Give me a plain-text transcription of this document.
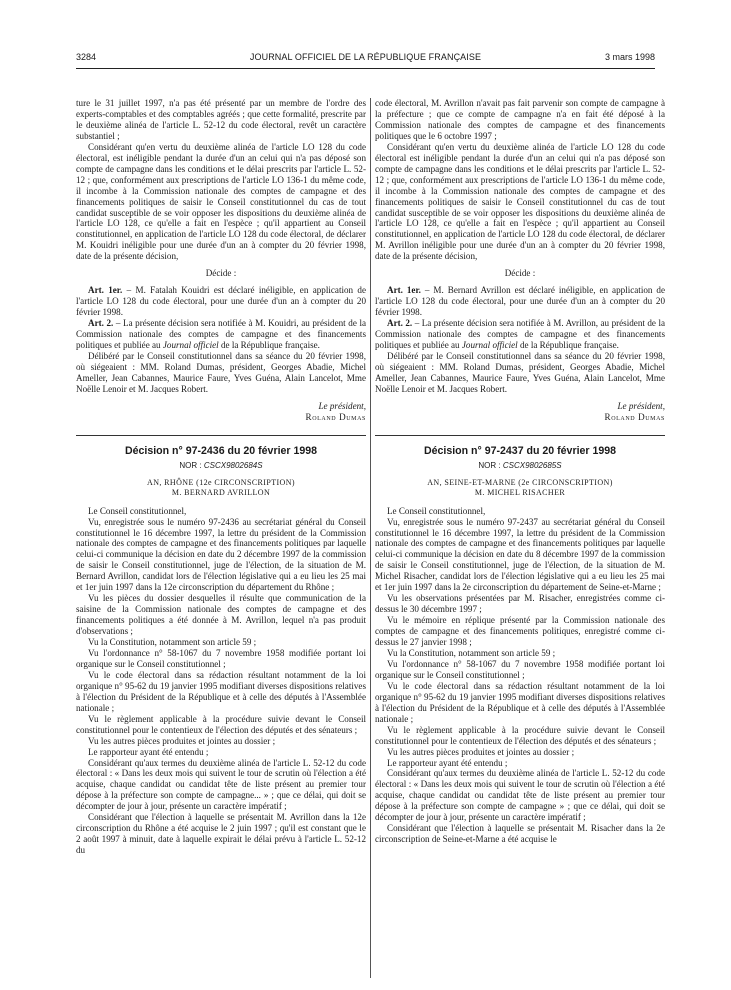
3284	JOURNAL OFFICIEL DE LA RÉPUBLIQUE FRANÇAISE	3 mars 1998

ture le 31 juillet 1997, n'a pas été présenté par un membre de l'ordre des experts-comptables et des comptables agréés ; que cette formalité, prescrite par le deuxième alinéa de l'article L. 52-12 du code électoral, revêt un caractère substantiel ;

Considérant qu'en vertu du deuxième alinéa de l'article LO 128 du code électoral, est inéligible pendant la durée d'un an celui qui n'a pas déposé son compte de campagne dans les conditions et le délai prescrits par l'article L. 52-12 ; que, conformément aux prescriptions de l'article LO 136-1 du même code, il incombe à la Commission nationale des comptes de campagne et des financements politiques de saisir le Conseil constitutionnel du cas de tout candidat susceptible de se voir opposer les dispositions du deuxième alinéa de l'article LO 128, ce qu'elle a fait en l'espèce ; qu'il appartient au Conseil constitutionnel, en application de l'article LO 128 du code électoral, de déclarer M. Kouidri inéligible pour une durée d'un an à compter du 20 février 1998, date de la présente décision,

Décide :

Art. 1er. – M. Fatalah Kouidri est déclaré inéligible, en application de l'article LO 128 du code électoral, pour une durée d'un an à compter du 20 février 1998.

Art. 2. – La présente décision sera notifiée à M. Kouidri, au président de la Commission nationale des comptes de campagne et des financements politiques et publiée au Journal officiel de la République française.

Délibéré par le Conseil constitutionnel dans sa séance du 20 février 1998, où siégeaient : MM. Roland Dumas, président, Georges Abadie, Michel Ameller, Jean Cabannes, Maurice Faure, Yves Guéna, Alain Lancelot, Mme Noëlle Lenoir et M. Jacques Robert.

Le président,

Roland Dumas

Décision n° 97-2436 du 20 février 1998
NOR : CSCX9802684S
AN, RHÔNE (12e CIRCONSCRIPTION)
M. BERNARD AVRILLON

Le Conseil constitutionnel,

Vu, enregistrée sous le numéro 97-2436 au secrétariat général du Conseil constitutionnel le 16 décembre 1997, la lettre du président de la Commission nationale des comptes de campagne et des financements politiques par laquelle celui-ci communique la décision en date du 2 décembre 1997 de la commission de saisir le Conseil constitutionnel, juge de l'élection, de la situation de M. Bernard Avrillon, candidat lors de l'élection législative qui a eu lieu les 25 mai et 1er juin 1997 dans la 12e circonscription du département du Rhône ;

Vu les pièces du dossier desquelles il résulte que communication de la saisine de la Commission nationale des comptes de campagne et des financements politiques a été donnée à M. Avrillon, lequel n'a pas produit d'observations ;

Vu la Constitution, notamment son article 59 ;

Vu l'ordonnance n° 58-1067 du 7 novembre 1958 modifiée portant loi organique sur le Conseil constitutionnel ;

Vu le code électoral dans sa rédaction résultant notamment de la loi organique n° 95-62 du 19 janvier 1995 modifiant diverses dispositions relatives à l'élection du Président de la République et à celle des députés à l'Assemblée nationale ;

Vu le règlement applicable à la procédure suivie devant le Conseil constitutionnel pour le contentieux de l'élection des députés et des sénateurs ;

Vu les autres pièces produites et jointes au dossier ;

Le rapporteur ayant été entendu ;

Considérant qu'aux termes du deuxième alinéa de l'article L. 52-12 du code électoral : « Dans les deux mois qui suivent le tour de scrutin où l'élection a été acquise, chaque candidat ou candidat tête de liste présent au premier tour dépose à la préfecture son compte de campagne... » ; que ce délai, qui doit se décompter de jour à jour, présente un caractère impératif ;

Considérant que l'élection à laquelle se présentait M. Avrillon dans la 12e circonscription du Rhône a été acquise le 2 juin 1997 ; qu'il est constant que le 2 août 1997 à minuit, date à laquelle expirait le délai prévu à l'article L. 52-12 du

code électoral, M. Avrillon n'avait pas fait parvenir son compte de campagne à la préfecture ; que ce compte de campagne n'a en fait été déposé à la Commission nationale des comptes de campagne et des financements politiques que le 6 octobre 1997 ;

Considérant qu'en vertu du deuxième alinéa de l'article LO 128 du code électoral est inéligible pendant la durée d'un an celui qui n'a pas déposé son compte de campagne dans les conditions et le délai prescrits par l'article L. 52-12 ; que, conformément aux prescriptions de l'article LO 136-1 du même code, il incombe à la Commission nationale des comptes de campagne et des financements politiques de saisir le Conseil constitutionnel du cas de tout candidat susceptible de se voir opposer les dispositions du deuxième alinéa de l'article LO 128, ce qu'elle a fait en l'espèce ; qu'il appartient au Conseil constitutionnel, en application de l'article LO 128 du code électoral, de déclarer M. Avrillon inéligible pour une durée d'un an à compter du 20 février 1998, date de la présente décision,

Décide :

Art. 1er. – M. Bernard Avrillon est déclaré inéligible, en application de l'article LO 128 du code électoral, pour une durée d'un an à compter du 20 février 1998.

Art. 2. – La présente décision sera notifiée à M. Avrillon, au président de la Commission nationale des comptes de campagne et des financements politiques et publiée au Journal officiel de la République française.

Délibéré par le Conseil constitutionnel dans sa séance du 20 février 1998, où siégeaient : MM. Roland Dumas, président, Georges Abadie, Michel Ameller, Jean Cabannes, Maurice Faure, Yves Guéna, Alain Lancelot, Mme Noëlle Lenoir et M. Jacques Robert.

Le président,

Roland Dumas

Décision n° 97-2437 du 20 février 1998
NOR : CSCX9802685S
AN, SEINE-ET-MARNE (2e CIRCONSCRIPTION)
M. MICHEL RISACHER

Le Conseil constitutionnel,

Vu, enregistrée sous le numéro 97-2437 au secrétariat général du Conseil constitutionnel le 16 décembre 1997, la lettre du président de la Commission nationale des comptes de campagne et des financements politiques par laquelle celui-ci communique la décision en date du 8 décembre 1997 de la commission de saisir le Conseil constitutionnel, juge de l'élection, de la situation de M. Michel Risacher, candidat lors de l'élection législative qui a eu lieu les 25 mai et 1er juin 1997 dans la 2e circonscription du département de Seine-et-Marne ;

Vu les observations présentées par M. Risacher, enregistrées comme ci-dessus le 30 décembre 1997 ;

Vu le mémoire en réplique présenté par la Commission nationale des comptes de campagne et des financements politiques, enregistré comme ci-dessus le 27 janvier 1998 ;

Vu la Constitution, notamment son article 59 ;

Vu l'ordonnance n° 58-1067 du 7 novembre 1958 modifiée portant loi organique sur le Conseil constitutionnel ;

Vu le code électoral dans sa rédaction résultant notamment de la loi organique n° 95-62 du 19 janvier 1995 modifiant diverses dispositions relatives à l'élection du Président de la République et à celle des députés à l'Assemblée nationale ;

Vu le règlement applicable à la procédure suivie devant le Conseil constitutionnel pour le contentieux de l'élection des députés et des sénateurs ;

Vu les autres pièces produites et jointes au dossier ;

Le rapporteur ayant été entendu ;

Considérant qu'aux termes du deuxième alinéa de l'article L. 52-12 du code électoral : « Dans les deux mois qui suivent le tour de scrutin où l'élection a été acquise, chaque candidat ou candidat tête de liste présent au premier tour dépose à la préfecture son compte de campagne » ; que ce délai, qui doit se décompter de jour à jour, présente un caractère impératif ;

Considérant que l'élection à laquelle se présentait M. Risacher dans la 2e circonscription de Seine-et-Marne a été acquise le
